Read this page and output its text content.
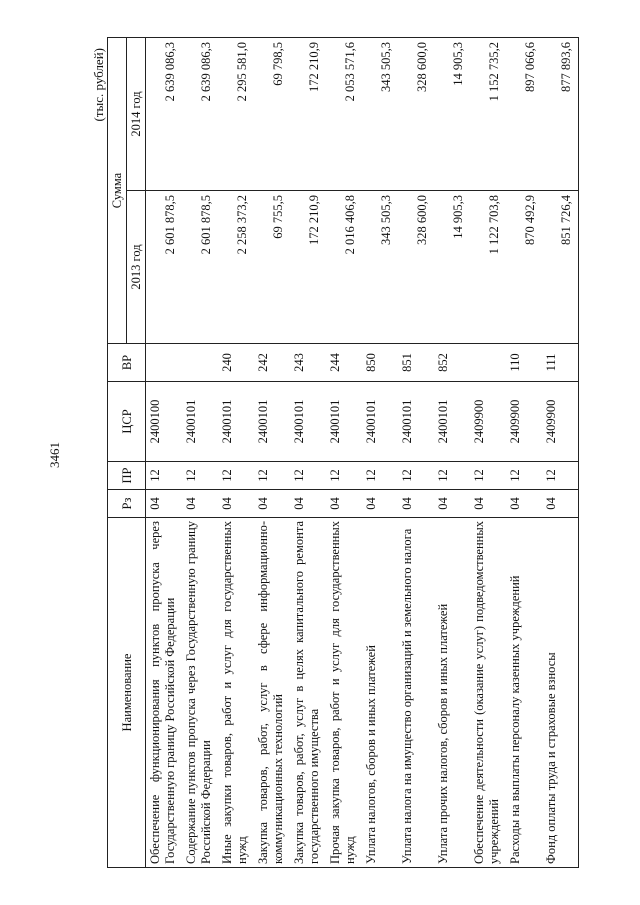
3461
(тыс. рублей)
Наименование	Рз	ПР	ЦСР	ВР	Сумма	
					2013 год	2014 год
Обеспечение функционирования пунктов пропуска через Государственную границу Российской Федерации	04	12	2400100		2 601 878,5	2 639 086,3
Содержание пунктов пропуска через Государственную границу Российской Федерации	04	12	2400101		2 601 878,5	2 639 086,3
Иные закупки товаров, работ и услуг для государственных нужд	04	12	2400101	240	2 258 373,2	2 295 581,0
Закупка товаров, работ, услуг в сфере информационно-коммуникационных технологий	04	12	2400101	242	69 755,5	69 798,5
Закупка товаров, работ, услуг в целях капитального ремонта государственного имущества	04	12	2400101	243	172 210,9	172 210,9
Прочая закупка товаров, работ и услуг для государственных нужд	04	12	2400101	244	2 016 406,8	2 053 571,6
Уплата налогов, сборов и иных платежей	04	12	2400101	850	343 505,3	343 505,3
Уплата налога на имущество организаций и земельного налога	04	12	2400101	851	328 600,0	328 600,0
Уплата прочих налогов, сборов и иных платежей	04	12	2400101	852	14 905,3	14 905,3
Обеспечение деятельности (оказание услуг) подведомственных учреждений	04	12	2409900		1 122 703,8	1 152 735,2
Расходы на выплаты персоналу казенных учреждений	04	12	2409900	110	870 492,9	897 066,6
Фонд оплаты труда и страховые взносы	04	12	2409900	111	851 726,4	877 893,6
